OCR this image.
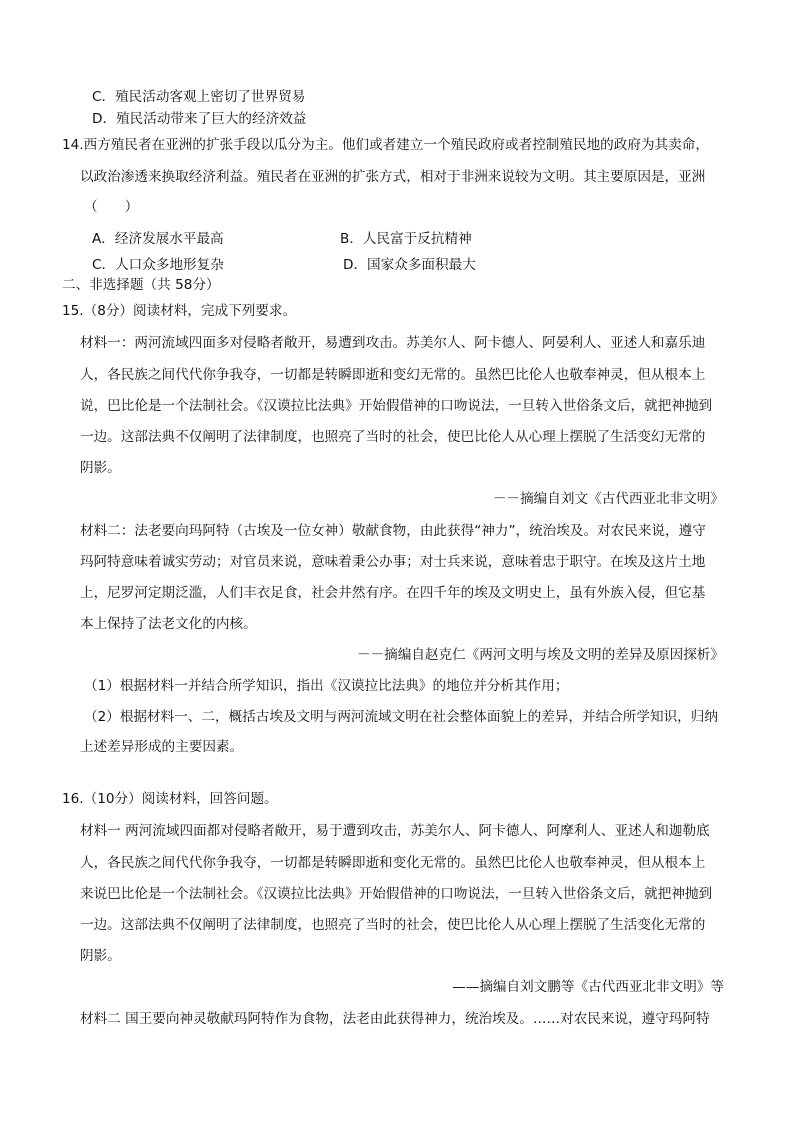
C．殖民活动客观上密切了世界贸易
D．殖民活动带来了巨大的经济效益
14.西方殖民者在亚洲的扩张手段以瓜分为主。他们或者建立一个殖民政府或者控制殖民地的政府为其卖命，
以政治渗透来换取经济利益。殖民者在亚洲的扩张方式，相对于非洲来说较为文明。其主要原因是，亚洲
（　　）
A．经济发展水平最高	B．人民富于反抗精神
C．人口众多地形复杂	D．国家众多面积最大
二、非选择题（共 58分）
15.（8分）阅读材料，完成下列要求。
材料一：两河流域四面多对侵略者敞开，易遭到攻击。苏美尔人、阿卡德人、阿晏利人、亚述人和嘉乐迪
人，各民族之间代代你争我夺，一切都是转瞬即逝和变幻无常的。虽然巴比伦人也敬奉神灵，但从根本上
说，巴比伦是一个法制社会。《汉谟拉比法典》开始假借神的口吻说法，一旦转入世俗条文后，就把神抛到
一边。这部法典不仅阐明了法律制度，也照亮了当时的社会，使巴比伦人从心理上摆脱了生活变幻无常的
阴影。
－－摘编自刘文《古代西亚北非文明》
材料二：法老要向玛阿特（古埃及一位女神）敬献食物，由此获得“神力”，统治埃及。对农民来说，遵守
玛阿特意味着诚实劳动；对官员来说，意味着秉公办事；对士兵来说，意味着忠于职守。在埃及这片土地
上，尼罗河定期泛滥，人们丰衣足食，社会井然有序。在四千年的埃及文明史上，虽有外族入侵，但它基
本上保持了法老文化的内核。
－－摘编自赵克仁《两河文明与埃及文明的差异及原因探析》
（1）根据材料一并结合所学知识，指出《汉谟拉比法典》的地位并分析其作用；
（2）根据材料一、二，概括古埃及文明与两河流域文明在社会整体面貌上的差异，并结合所学知识，归纳
上述差异形成的主要因素。
16.（10分）阅读材料，回答问题。
材料一 两河流域四面都对侵略者敞开，易于遭到攻击，苏美尔人、阿卡德人、阿摩利人、亚述人和迦勒底
人，各民族之间代代你争我夺，一切都是转瞬即逝和变化无常的。虽然巴比伦人也敬奉神灵，但从根本上
来说巴比伦是一个法制社会。《汉谟拉比法典》开始假借神的口吻说法，一旦转入世俗条文后，就把神抛到
一边。这部法典不仅阐明了法律制度，也照亮了当时的社会，使巴比伦人从心理上摆脱了生活变化无常的
阴影。
——摘编自刘文鹏等《古代西亚北非文明》等
材料二 国王要向神灵敬献玛阿特作为食物，法老由此获得神力，统治埃及。……对农民来说，遵守玛阿特
